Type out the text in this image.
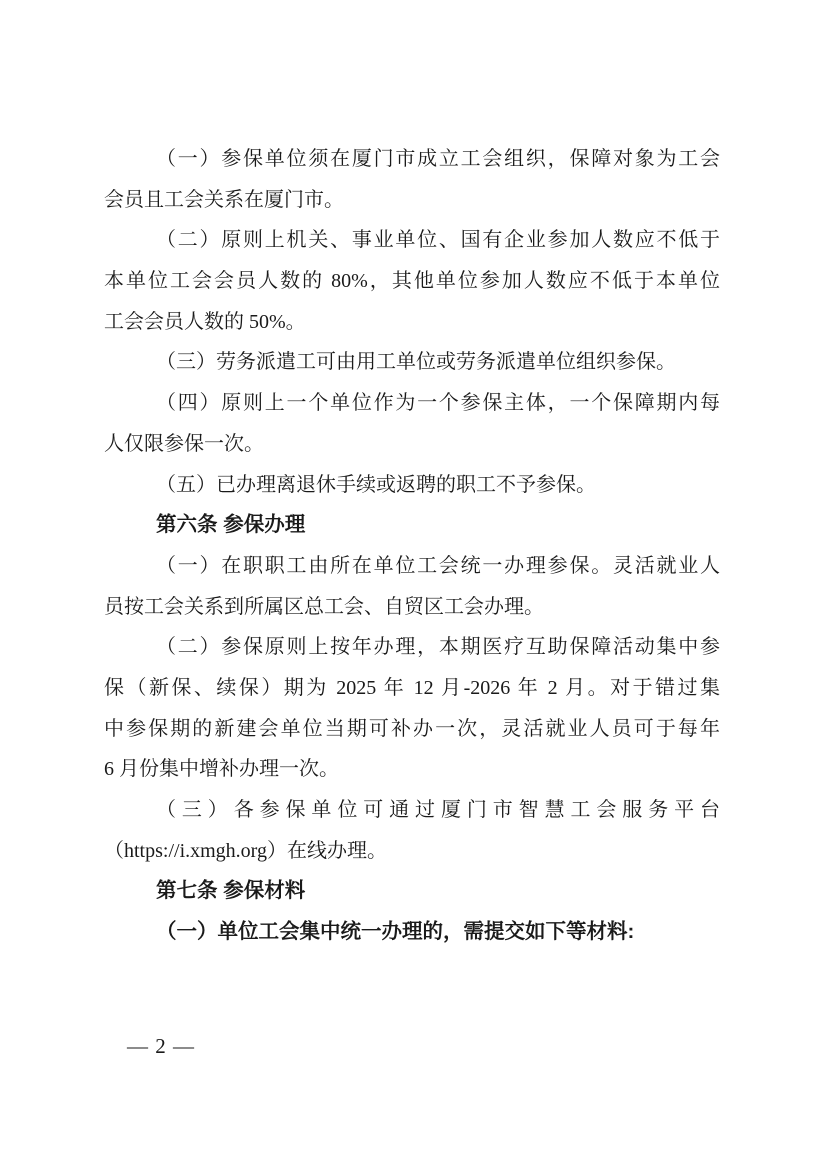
（一）参保单位须在厦门市成立工会组织，保障对象为工会
会员且工会关系在厦门市。
（二）原则上机关、事业单位、国有企业参加人数应不低于
本单位工会会员人数的 80%，其他单位参加人数应不低于本单位
工会会员人数的 50%。
（三）劳务派遣工可由用工单位或劳务派遣单位组织参保。
（四）原则上一个单位作为一个参保主体，一个保障期内每
人仅限参保一次。
（五）已办理离退休手续或返聘的职工不予参保。
第六条 参保办理
（一）在职职工由所在单位工会统一办理参保。灵活就业人
员按工会关系到所属区总工会、自贸区工会办理。
（二）参保原则上按年办理，本期医疗互助保障活动集中参
保（新保、续保）期为 2025 年 12 月-2026 年 2 月。对于错过集
中参保期的新建会单位当期可补办一次，灵活就业人员可于每年
6 月份集中增补办理一次。
（三）各参保单位可通过厦门市智慧工会服务平台
（https://i.xmgh.org）在线办理。
第七条 参保材料
（一）单位工会集中统一办理的，需提交如下等材料:
— 2 —
